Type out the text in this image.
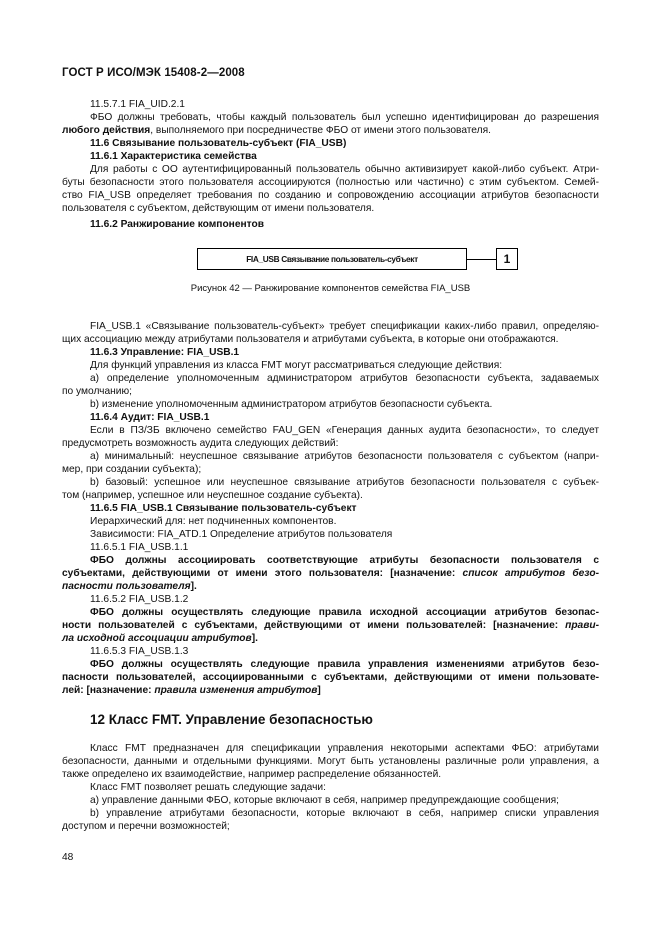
ГОСТ Р ИСО/МЭК 15408-2—2008
11.5.7.1 FIA_UID.2.1
ФБО должны требовать, чтобы каждый пользователь был успешно идентифицирован до разрешения
любого действия, выполняемого при посредничестве ФБО от имени этого пользователя.
11.6 Связывание пользователь-субъект (FIA_USB)
11.6.1 Характеристика семейства
Для работы с ОО аутентифицированный пользователь обычно активизирует какой-либо субъект. Атри-
буты безопасности этого пользователя ассоциируются (полностью или частично) с этим субъектом. Семей-
ство FIA_USB определяет требования по созданию и сопровождению ассоциации атрибутов безопасности
пользователя с субъектом, действующим от имени пользователя.
11.6.2 Ранжирование компонентов
FIA_USB Связывание пользователь-субъект	1
Рисунок 42 — Ранжирование компонентов семейства FIA_USB
FIA_USB.1 «Связывание пользователь-субъект» требует спецификации каких-либо правил, определяю-
щих ассоциацию между атрибутами пользователя и атрибутами субъекта, в которые они отображаются.
11.6.3 Управление: FIA_USB.1
Для функций управления из класса FMT могут рассматриваться следующие действия:
a) определение уполномоченным администратором атрибутов безопасности субъекта, задаваемых
по умолчанию;
b) изменение уполномоченным администратором атрибутов безопасности субъекта.
11.6.4 Аудит: FIA_USB.1
Если в ПЗ/ЗБ включено семейство FAU_GEN «Генерация данных аудита безопасности», то следует
предусмотреть возможность аудита следующих действий:
a) минимальный: неуспешное связывание атрибутов безопасности пользователя с субъектом (напри-
мер, при создании субъекта);
b) базовый: успешное или неуспешное связывание атрибутов безопасности пользователя с субъек-
том (например, успешное или неуспешное создание субъекта).
11.6.5 FIA_USB.1 Связывание пользователь-субъект
Иерархический для: нет подчиненных компонентов.
Зависимости: FIA_ATD.1 Определение атрибутов пользователя
11.6.5.1 FIA_USB.1.1
ФБО должны ассоциировать соответствующие атрибуты безопасности пользователя с
субъектами, действующими от имени этого пользователя: [назначение: список атрибутов безо-
пасности пользователя].
11.6.5.2 FIA_USB.1.2
ФБО должны осуществлять следующие правила исходной ассоциации атрибутов безопас-
ности пользователей с субъектами, действующими от имени пользователей: [назначение: прави-
ла исходной ассоциации атрибутов].
11.6.5.3 FIA_USB.1.3
ФБО должны осуществлять следующие правила управления изменениями атрибутов безо-
пасности пользователей, ассоциированными с субъектами, действующими от имени пользовате-
лей: [назначение: правила изменения атрибутов]
12 Класс FMT. Управление безопасностью
Класс FMT предназначен для спецификации управления некоторыми аспектами ФБО: атрибутами
безопасности, данными и отдельными функциями. Могут быть установлены различные роли управления, а
также определено их взаимодействие, например распределение обязанностей.
Класс FMT позволяет решать следующие задачи:
a) управление данными ФБО, которые включают в себя, например предупреждающие сообщения;
b) управление атрибутами безопасности, которые включают в себя, например списки управления
доступом и перечни возможностей;
48
